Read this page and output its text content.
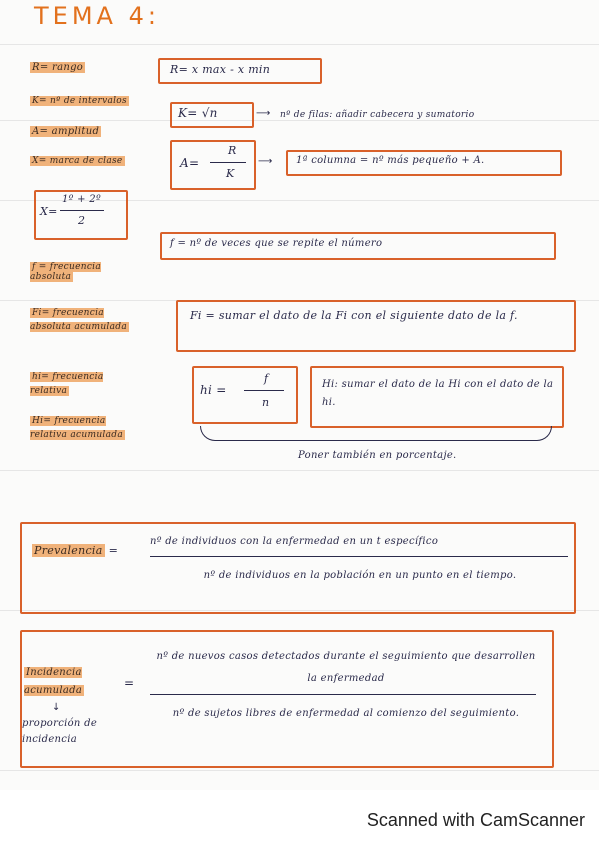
TEMA 4:
R= rango
K= nº de intervalos
A= amplitud
X= marca de clase
f = frecuencia absoluta
Fi= frecuencia absoluta acumulada
hi= frecuencia relativa
Hi= frecuencia relativa acumulada
R= x max - x min
K= √n	⟶ nº de filas: añadir cabecera y sumatorio
A=
R
K
⟶ 1ª columna = nº más pequeño + A.
X=
1º + 2º
2
f = nº de veces que se repite el número
Fi = sumar el dato de la Fi con el siguiente dato de la f.
hi =
f
n
Hi: sumar el dato de la Hi con el dato de la hi.
Poner también en porcentaje.
Prevalencia =
nº de individuos con la enfermedad en un t específico
nº de individuos en la población en un punto en el tiempo.
Incidencia acumulada
=
↓
proporción de incidencia
nº de nuevos casos detectados durante el seguimiento que desarrollen la enfermedad
nº de sujetos libres de enfermedad al comienzo del seguimiento.
Scanned with CamScanner
